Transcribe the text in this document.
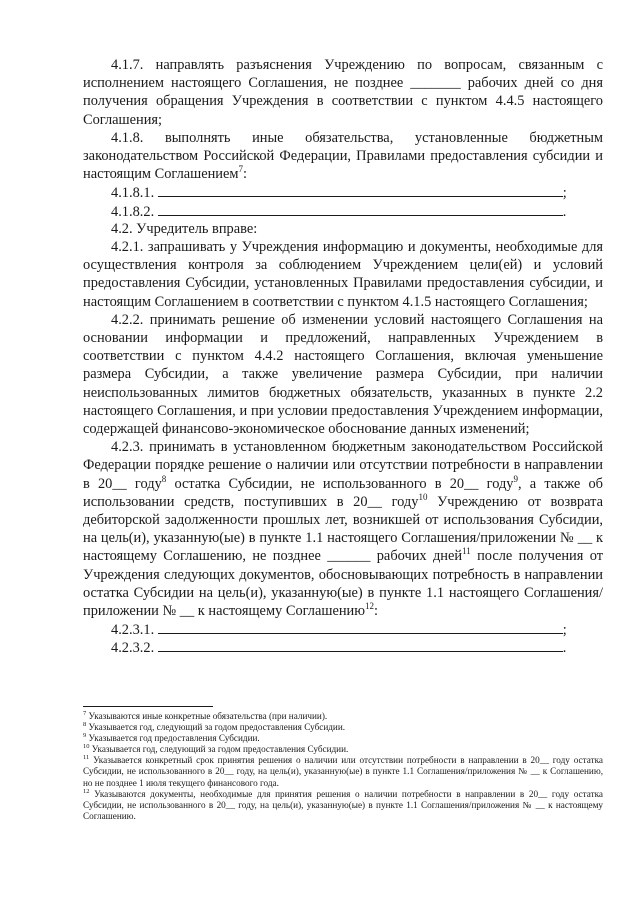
4.1.7. направлять разъяснения Учреждению по вопросам, связанным с исполнением настоящего Соглашения, не позднее _______ рабочих дней со дня получения обращения Учреждения в соответствии с пунктом 4.4.5 настоящего Соглашения;

4.1.8. выполнять иные обязательства, установленные бюджетным законодательством Российской Федерации, Правилами предоставления субсидии и настоящим Соглашением$^7$:

4.1.8.1.	;

4.1.8.2.	.

4.2. Учредитель вправе:

4.2.1. запрашивать у Учреждения информацию и документы, необходимые для осуществления контроля за соблюдением Учреждением цели(ей) и условий предоставления Субсидии, установленных Правилами предоставления субсидии, и настоящим Соглашением в соответствии с пунктом 4.1.5 настоящего Соглашения;

4.2.2. принимать решение об изменении условий настоящего Соглашения на основании информации и предложений, направленных Учреждением в соответствии с пунктом 4.4.2 настоящего Соглашения, включая уменьшение размера Субсидии, а также увеличение размера Субсидии, при наличии неиспользованных лимитов бюджетных обязательств, указанных в пункте 2.2 настоящего Соглашения, и при условии предоставления Учреждением информации, содержащей финансово-экономическое обоснование данных изменений;

4.2.3. принимать в установленном бюджетным законодательством Российской Федерации порядке решение о наличии или отсутствии потребности в направлении в 20__ году$^8$ остатка Субсидии, не использованного в 20__ году$^9$, а также об использовании средств, поступивших в 20__ году$^{10}$ Учреждению от возврата дебиторской задолженности прошлых лет, возникшей от использования Субсидии, на цель(и), указанную(ые) в пункте 1.1 настоящего Соглашения/приложении № __ к настоящему Соглашению, не позднее ______ рабочих дней$^{11}$ после получения от Учреждения следующих документов, обосновывающих потребность в направлении остатка Субсидии на цель(и), указанную(ые) в пункте 1.1 настоящего Соглашения/приложении № __ к настоящему Соглашению$^{12}$:

4.2.3.1.	;

4.2.3.2.	.

$^7$ Указываются иные конкретные обязательства (при наличии).

$^8$ Указывается год, следующий за годом предоставления Субсидии.

$^9$ Указывается год предоставления Субсидии.

$^{10}$ Указывается год, следующий за годом предоставления Субсидии.

$^{11}$ Указывается конкретный срок принятия решения о наличии или отсутствии потребности в направлении в 20__ году остатка Субсидии, не использованного в 20__ году, на цель(и), указанную(ые) в пункте 1.1 Соглашения/приложения № __ к Соглашению, но не позднее 1 июля текущего финансового года.

$^{12}$ Указываются документы, необходимые для принятия решения о наличии потребности в направлении в 20__ году остатка Субсидии, не использованного в 20__ году, на цель(и), указанную(ые) в пункте 1.1 Соглашения/приложения № __ к настоящему Соглашению.
